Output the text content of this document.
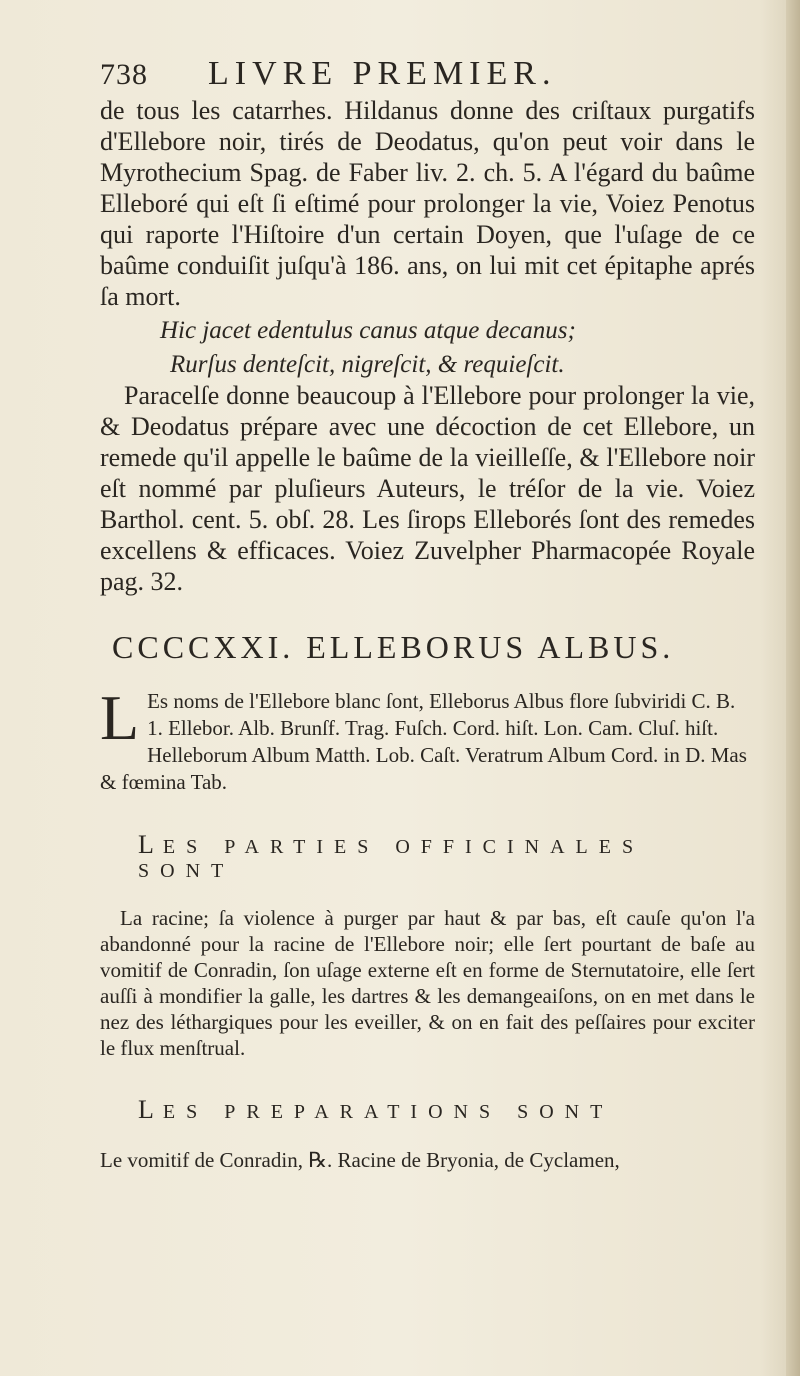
738 LIVRE PREMIER.

de tous les catarrhes. Hildanus donne des criſtaux purgatifs d'Ellebore noir, tirés de Deodatus, qu'on peut voir dans le Myrothecium Spag. de Faber liv. 2. ch. 5. A l'égard du baûme Elleboré qui eſt ſi eſtimé pour prolonger la vie, Voiez Penotus qui raporte l'Hiſtoire d'un certain Doyen, que l'uſage de ce baûme conduiſit juſqu'à 186. ans, on lui mit cet épitaphe aprés ſa mort.

Hic jacet edentulus canus atque decanus;

Rurſus denteſcit, nigreſcit, & requieſcit.

Paracelſe donne beaucoup à l'Ellebore pour prolonger la vie, & Deodatus prépare avec une décoction de cet Ellebore, un remede qu'il appelle le baûme de la vieilleſſe, & l'Ellebore noir eſt nommé par pluſieurs Auteurs, le tréſor de la vie. Voiez Barthol. cent. 5. obſ. 28. Les ſirops Elleborés ſont des remedes excellens & efficaces. Voiez Zuvelpher Pharmacopée Royale pag. 32.

CCCCXXI. ELLEBORUS ALBUS.

L Es noms de l'Ellebore blanc ſont, Elleborus Albus flore ſubviridi C. B. 1. Ellebor. Alb. Brunſf. Trag. Fuſch. Cord. hiſt. Lon. Cam. Cluſ. hiſt. Helleborum Album Matth. Lob. Caſt. Veratrum Album Cord. in D. Mas & fœmina Tab.

LES PARTIES OFFICINALES SONT

La racine; ſa violence à purger par haut & par bas, eſt cauſe qu'on l'a abandonné pour la racine de l'Ellebore noir; elle ſert pourtant de baſe au vomitif de Conradin, ſon uſage externe eſt en forme de Sternutatoire, elle ſert auſſi à mondifier la galle, les dartres & les demangeaiſons, on en met dans le nez des léthargiques pour les eveiller, & on en fait des peſſaires pour exciter le flux menſtrual.

LES PREPARATIONS SONT

Le vomitif de Conradin, ℞. Racine de Bryonia, de Cyclamen,
